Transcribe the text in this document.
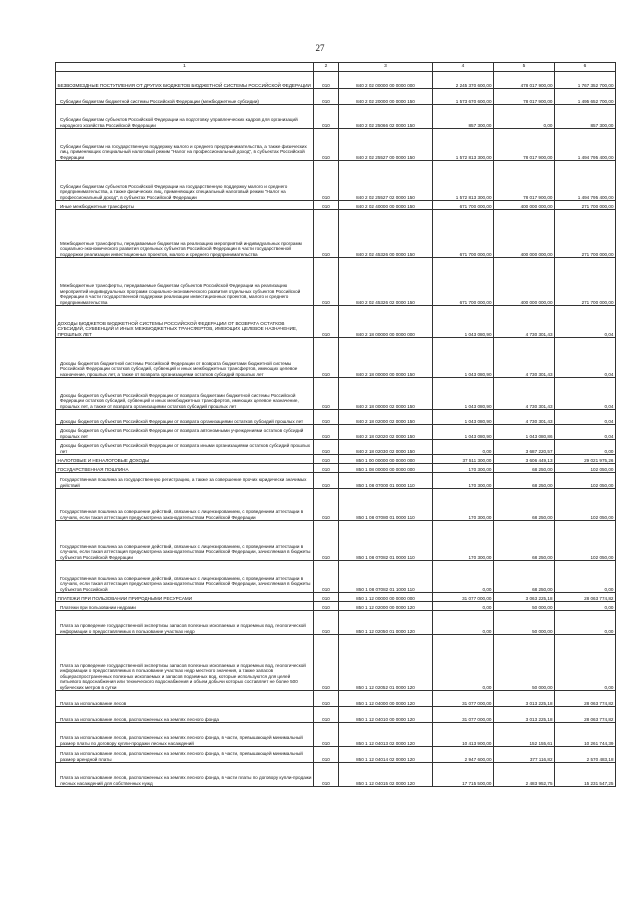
27
1	2	3	4	5	6
БЕЗВОЗМЕЗДНЫЕ ПОСТУПЛЕНИЯ ОТ ДРУГИХ БЮДЖЕТОВ БЮДЖЕТНОЙ СИСТЕМЫ РОССИЙСКОЙ ФЕДЕРАЦИИ	010	840 2 02 00000 00 0000 000	2 245 370 600,00	478 017 900,00	1 767 352 700,00
Субсидии бюджетам бюджетной системы Российской Федерации (межбюджетные субсидии)	010	840 2 02 20000 00 0000 150	1 573 670 600,00	78 017 900,00	1 495 652 700,00
Субсидии бюджетам субъектов Российской Федерации на подготовку управленческих кадров для организаций народного хозяйства Российской Федерации	010	840 2 02 25066 02 0000 150	857 300,00	0,00	857 300,00
Субсидии бюджетам на государственную поддержку малого и среднего предпринимательства, а также физических лиц, применяющих специальный налоговый режим "Налог на профессиональный доход", в субъектах Российской Федерации	010	840 2 02 25527 00 0000 150	1 572 813 300,00	78 017 900,00	1 494 795 400,00
Субсидии бюджетам субъектов Российской Федерации на государственную поддержку малого и среднего предпринимательства, а также физических лиц, применяющих специальный налоговый режим "Налог на профессиональный доход", в субъектах Российской Федерации	010	840 2 02 25527 02 0000 150	1 572 813 300,00	78 017 900,00	1 494 795 400,00
Иные межбюджетные трансферты	010	840 2 02 40000 00 0000 150	671 700 000,00	400 000 000,00	271 700 000,00
Межбюджетные трансферты, передаваемые бюджетам на реализацию мероприятий индивидуальных программ социально-экономического развития отдельных субъектов Российской Федерации в части государственной поддержки реализации инвестиционных проектов, малого и среднего предпринимательства	010	840 2 02 45326 00 0000 150	671 700 000,00	400 000 000,00	271 700 000,00
Межбюджетные трансферты, передаваемые бюджетам субъектов Российской Федерации на реализацию мероприятий индивидуальных программ социально-экономического развития отдельных субъектов Российской Федерации в части государственной поддержки реализации инвестиционных проектов, малого и среднего предпринимательства	010	840 2 02 45326 02 0000 150	671 700 000,00	400 000 000,00	271 700 000,00
ДОХОДЫ БЮДЖЕТОВ БЮДЖЕТНОЙ СИСТЕМЫ РОССИЙСКОЙ ФЕДЕРАЦИИ ОТ ВОЗВРАТА ОСТАТКОВ СУБСИДИЙ, СУБВЕНЦИЙ И ИНЫХ МЕЖБЮДЖЕТНЫХ ТРАНСФЕРТОВ, ИМЕЮЩИХ ЦЕЛЕВОЕ НАЗНАЧЕНИЕ, ПРОШЛЫХ ЛЕТ	010	840 2 18 00000 00 0000 000	1 043 080,90	4 730 301,43	0,04
Доходы бюджетов бюджетной системы Российской Федерации от возврата бюджетами бюджетной системы Российской Федерации остатков субсидий, субвенций и иных межбюджетных трансфертов, имеющих целевое назначение, прошлых лет, а также от возврата организациями остатков субсидий прошлых лет	010	840 2 18 00000 00 0000 150	1 043 080,90	4 730 301,43	0,04
Доходы бюджетов субъектов Российской Федерации от возврата бюджетами бюджетной системы Российской Федерации остатков субсидий, субвенций и иных межбюджетных трансфертов, имеющих целевое назначение, прошлых лет, а также от возврата организациями остатков субсидий прошлых лет	010	840 2 18 00000 02 0000 150	1 043 080,90	4 730 301,43	0,04
Доходы бюджетов субъектов Российской Федерации от возврата организациями остатков субсидий прошлых лет	010	840 2 18 02000 02 0000 150	1 043 080,90	4 730 301,43	0,04
Доходы бюджетов субъектов Российской Федерации от возврата автономными учреждениями остатков субсидий прошлых лет	010	840 2 18 02020 02 0000 150	1 043 080,90	1 043 080,86	0,04
Доходы бюджетов субъектов Российской Федерации от возврата иными организациями остатков субсидий прошлых лет	010	840 2 18 02030 02 0000 150	0,00	3 687 220,57	0,00
НАЛОГОВЫЕ И НЕНАЛОГОВЫЕ ДОХОДЫ	010	850 1 00 00000 00 0000 000	37 511 300,00	3 606 449,13	29 021 975,26
ГОСУДАРСТВЕННАЯ ПОШЛИНА	010	850 1 08 00000 00 0000 000	170 300,00	68 250,00	102 050,00
Государственная пошлина за государственную регистрацию, а также за совершение прочих юридически значимых действий	010	850 1 08 07000 01 0000 110	170 300,00	68 250,00	102 050,00
Государственная пошлина за совершение действий, связанных с лицензированием, с проведением аттестации в случаях, если такая аттестация предусмотрена законодательством Российской Федерации	010	850 1 08 07080 01 0000 110	170 300,00	68 250,00	102 050,00
Государственная пошлина за совершение действий, связанных с лицензированием, с проведением аттестации в случаях, если такая аттестация предусмотрена законодательством Российской Федерации, зачисляемая в бюджеты субъектов Российской Федерации	010	850 1 08 07082 01 0000 110	170 300,00	68 250,00	102 050,00
Государственная пошлина за совершение действий, связанных с лицензированием, с проведением аттестации в случаях, если такая аттестация предусмотрена законодательством Российской Федерации, зачисляемая в бюджеты субъектов Российской	010	850 1 08 07082 01 1000 110	0,00	68 250,00	0,00
ПЛАТЕЖИ ПРИ ПОЛЬЗОВАНИИ ПРИРОДНЫМИ РЕСУРСАМИ	010	850 1 12 00000 00 0000 000	31 077 000,00	3 063 225,18	28 063 774,82
Платежи при пользовании недрами	010	850 1 12 02000 00 0000 120	0,00	50 000,00	0,00
Плата за проведение государственной экспертизы запасов полезных ископаемых и подземных вод, геологической информации о предоставляемых в пользование участках недр	010	850 1 12 02050 01 0000 120	0,00	50 000,00	0,00
Плата за проведение государственной экспертизы запасов полезных ископаемых и подземных вод, геологической информации о предоставляемых в пользование участках недр местного значения, а также запасов общераспространенных полезных ископаемых и запасов подземных вод, которые используются для целей питьевого водоснабжения или технического водоснабжения и объем добычи которых составляет не более 500 кубических метров в сутки	010	850 1 12 02052 01 0000 120	0,00	50 000,00	0,00
Плата за использование лесов	010	850 1 12 04000 00 0000 120	31 077 000,00	3 013 225,18	28 063 774,82
Плата за использование лесов, расположенных на землях лесного фонда	010	850 1 12 04010 00 0000 120	31 077 000,00	3 013 225,18	28 063 774,82
Плата за использование лесов, расположенных на землях лесного фонда, в части, превышающей минимальный размер платы по договору купли-продажи лесных насаждений	010	850 1 12 04013 02 0000 120	10 413 900,00	152 155,61	10 261 744,39
Плата за использование лесов, расположенных на землях лесного фонда, в части, превышающей минимальный размер арендной платы	010	850 1 12 04014 02 0000 120	2 947 600,00	377 116,82	2 570 483,18
Плата за использование лесов, расположенных на землях лесного фонда, в части платы по договору купли-продажи лесных насаждений для собственных нужд	010	850 1 12 04015 02 0000 120	17 715 500,00	2 483 952,75	15 231 547,25
